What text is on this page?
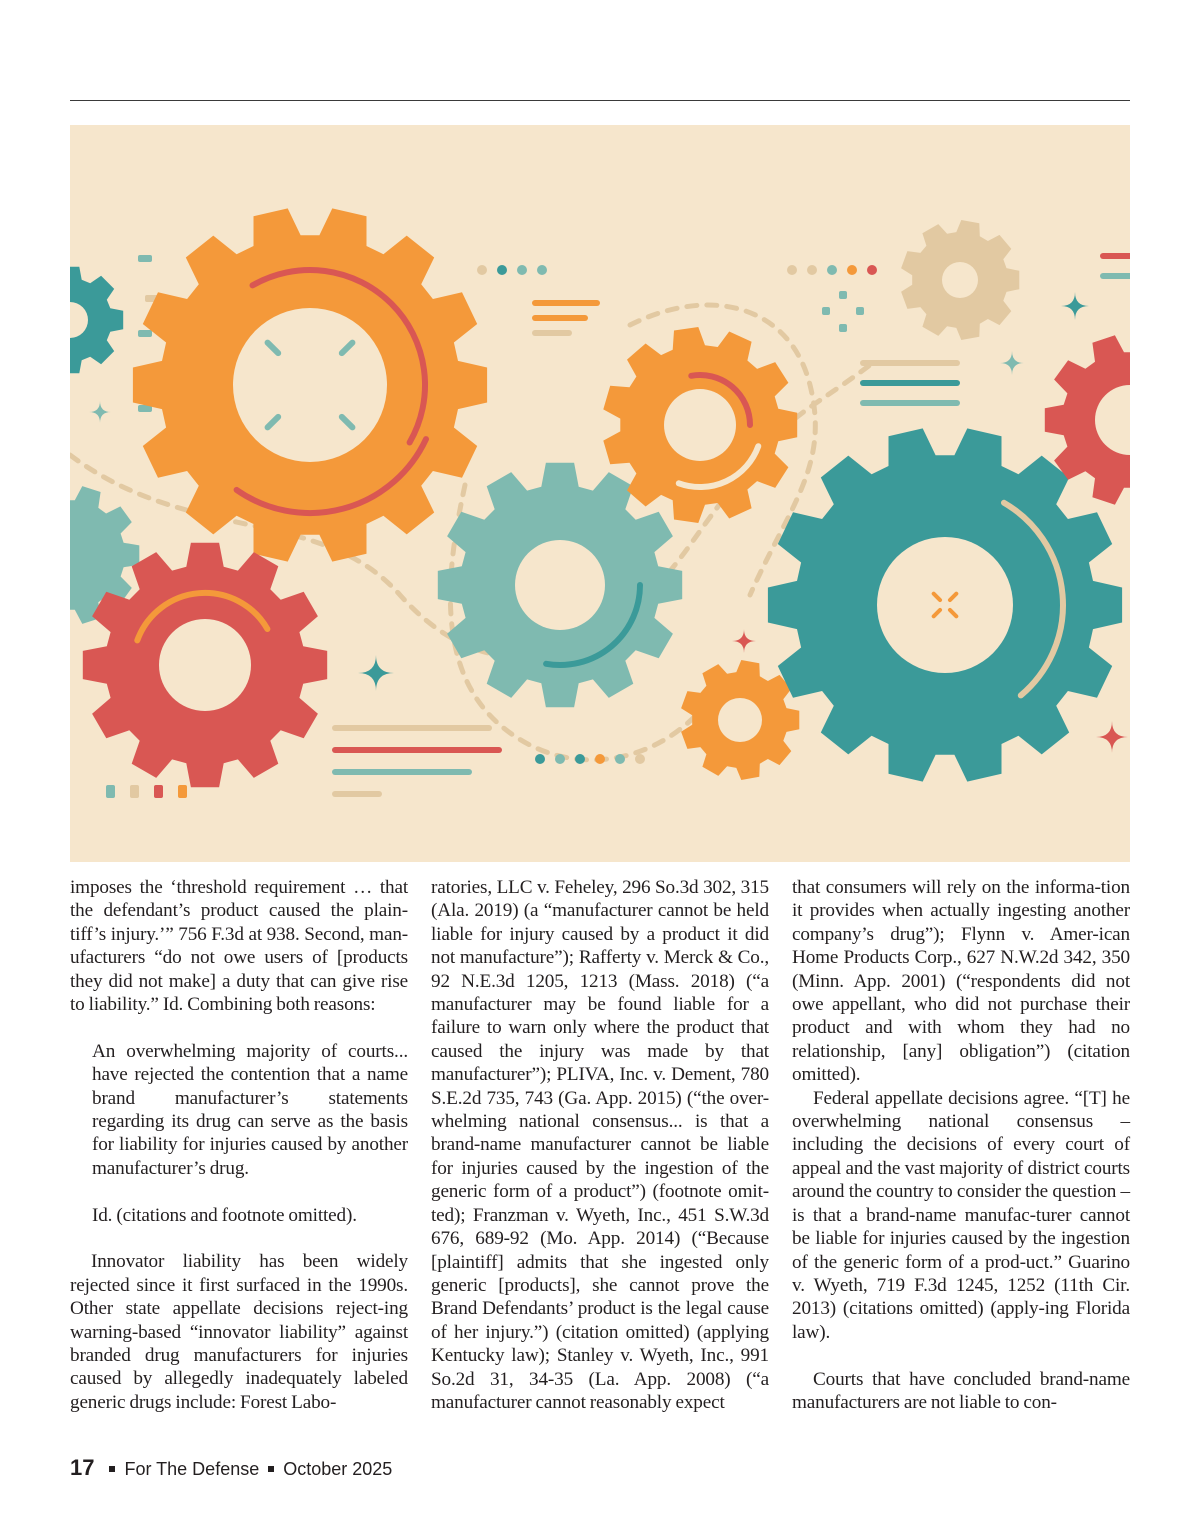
imposes the ‘threshold requirement … that the defendant’s product caused the plain-tiff’s injury.’” 756 F.3d at 938. Second, man-ufacturers “do not owe users of [products they did not make] a duty that can give rise to liability.” Id. Combining both reasons:

An overwhelming majority of courts... have rejected the contention that a name brand manufacturer’s statements regarding its drug can serve as the basis for liability for injuries caused by another manufacturer’s drug.

Id. (citations and footnote omitted).

Innovator liability has been widely rejected since it first surfaced in the 1990s. Other state appellate decisions reject-ing warning-based “innovator liability” against branded drug manufacturers for injuries caused by allegedly inadequately labeled generic drugs include: Forest Labo-

ratories, LLC v. Feheley, 296 So.3d 302, 315 (Ala. 2019) (a “manufacturer cannot be held liable for injury caused by a product it did not manufacture”); Rafferty v. Merck & Co., 92 N.E.3d 1205, 1213 (Mass. 2018) (“a manufacturer may be found liable for a failure to warn only where the product that caused the injury was made by that manufacturer”); PLIVA, Inc. v. Dement, 780 S.E.2d 735, 743 (Ga. App. 2015) (“the over-whelming national consensus... is that a brand-name manufacturer cannot be liable for injuries caused by the ingestion of the generic form of a product”) (footnote omit-ted); Franzman v. Wyeth, Inc., 451 S.W.3d 676, 689-92 (Mo. App. 2014) (“Because [plaintiff] admits that she ingested only generic [products], she cannot prove the Brand Defendants’ product is the legal cause of her injury.”) (citation omitted) (applying Kentucky law); Stanley v. Wyeth, Inc., 991 So.2d 31, 34-35 (La. App. 2008) (“a manufacturer cannot reasonably expect

that consumers will rely on the informa-tion it provides when actually ingesting another company’s drug”); Flynn v. Amer-ican Home Products Corp., 627 N.W.2d 342, 350 (Minn. App. 2001) (“respondents did not owe appellant, who did not purchase their product and with whom they had no relationship, [any] obligation”) (citation omitted).

Federal appellate decisions agree. “[T] he overwhelming national consensus – including the decisions of every court of appeal and the vast majority of district courts around the country to consider the question – is that a brand-name manufac-turer cannot be liable for injuries caused by the ingestion of the generic form of a prod-uct.” Guarino v. Wyeth, 719 F.3d 1245, 1252 (11th Cir. 2013) (citations omitted) (apply-ing Florida law).

Courts that have concluded brand-name manufacturers are not liable to con-

17 For The Defense October 2025
